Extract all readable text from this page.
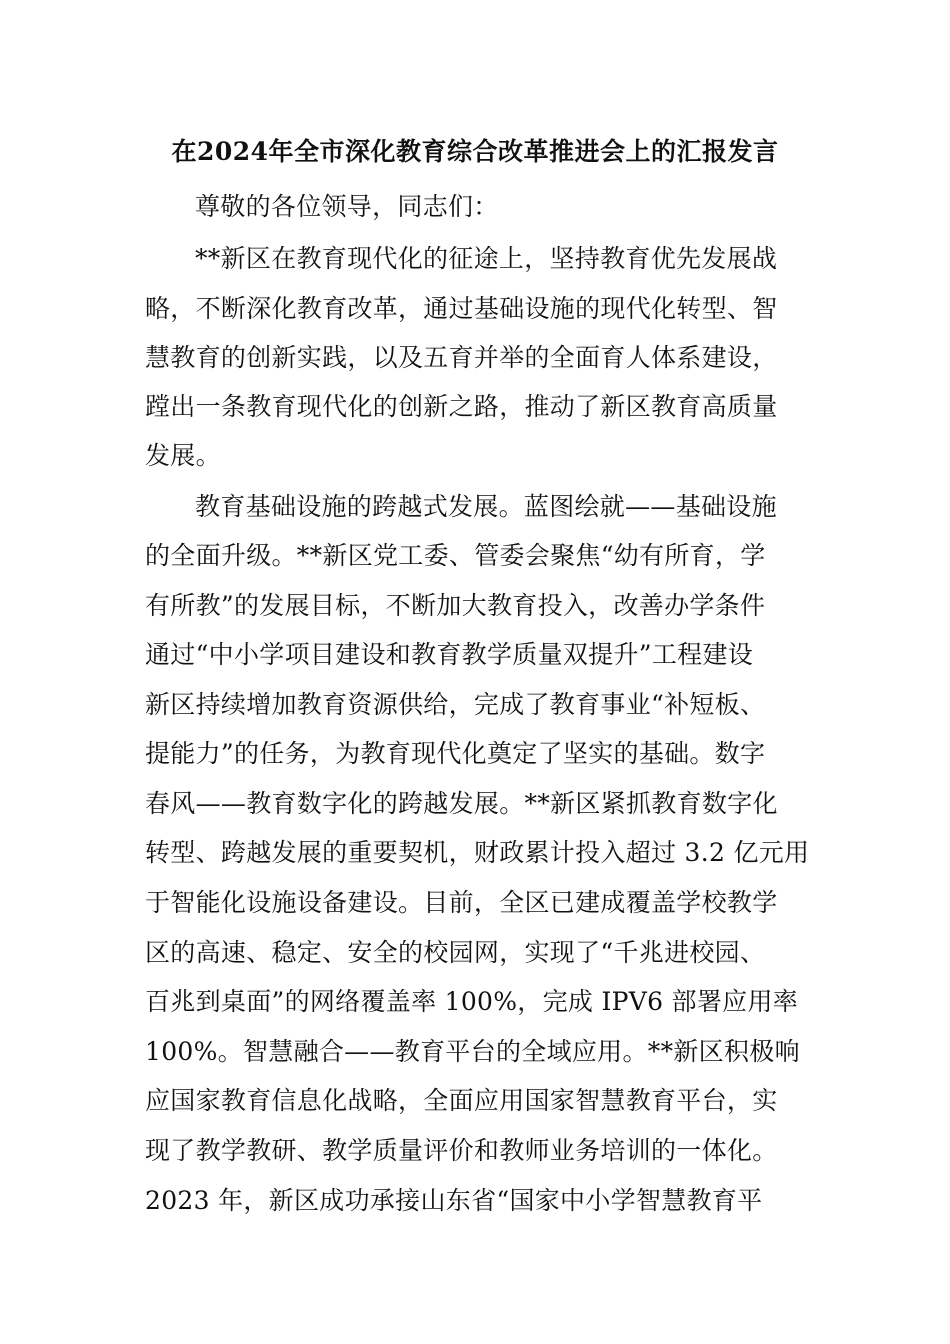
在2024年全市深化教育综合改革推进会上的汇报发言
尊敬的各位领导，同志们：
**新区在教育现代化的征途上，坚持教育优先发展战
略，不断深化教育改革，通过基础设施的现代化转型、智
慧教育的创新实践，以及五育并举的全面育人体系建设，
蹚出一条教育现代化的创新之路，推动了新区教育高质量
发展。
教育基础设施的跨越式发展。蓝图绘就——基础设施
的全面升级。**新区党工委、管委会聚焦“幼有所育，学
有所教”的发展目标，不断加大教育投入，改善办学条件
通过“中小学项目建设和教育教学质量双提升”工程建设
新区持续增加教育资源供给，完成了教育事业“补短板、
提能力”的任务，为教育现代化奠定了坚实的基础。数字
春风——教育数字化的跨越发展。**新区紧抓教育数字化
转型、跨越发展的重要契机，财政累计投入超过 3.2 亿元用
于智能化设施设备建设。目前，全区已建成覆盖学校教学
区的高速、稳定、安全的校园网，实现了“千兆进校园、
百兆到桌面”的网络覆盖率 100%，完成 IPV6 部署应用率
100%。智慧融合——教育平台的全域应用。**新区积极响
应国家教育信息化战略，全面应用国家智慧教育平台，实
现了教学教研、教学质量评价和教师业务培训的一体化。
2023 年，新区成功承接山东省“国家中小学智慧教育平
